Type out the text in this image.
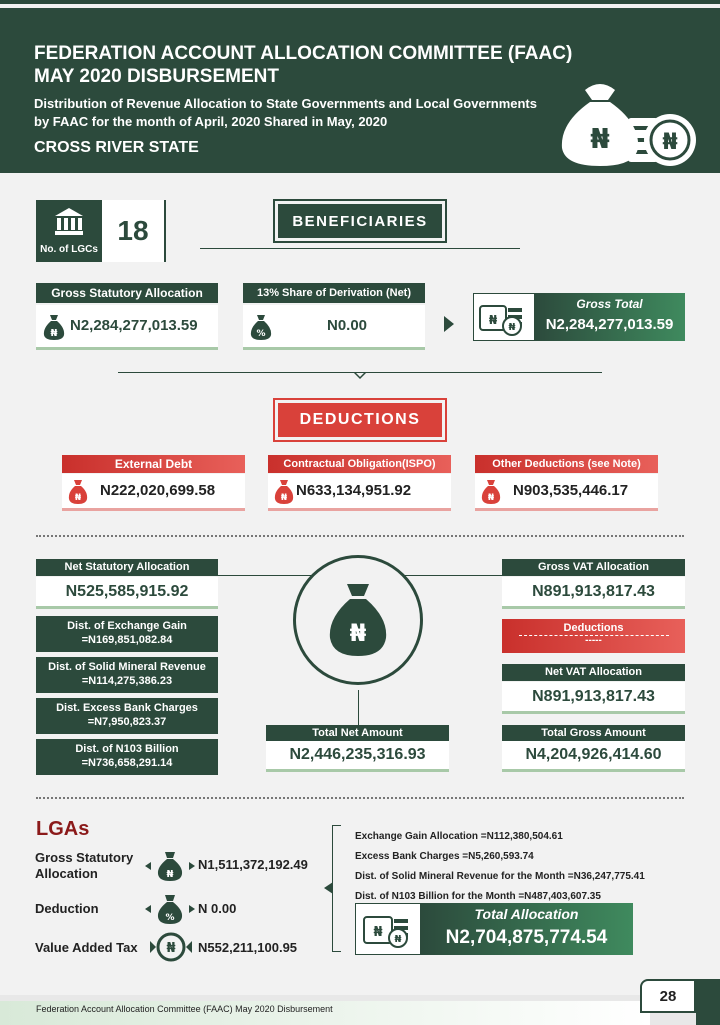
FEDERATION ACCOUNT ALLOCATION COMMITTEE (FAAC)
MAY 2020 DISBURSEMENT
Distribution of Revenue Allocation to State Governments and Local Governments
by FAAC for the month of April, 2020 Shared in May, 2020
CROSS RIVER STATE	₦ ₦
No. of LGCs
18	BENEFICIARIES
Gross Statutory Allocation
₦ N2,284,277,013.59
13% Share of Derivation (Net)
%	N0.00	₦
₦
Gross Total
N2,284,277,013.59
DEDUCTIONS
External Debt
₦ N222,020,699.58
Contractual Obligation(ISPO)
₦ N633,134,951.92
Other Deductions (see Note)
₦ N903,535,446.17
₦
Net Statutory Allocation
N525,585,915.92
Dist. of Exchange Gain
=N169,851,082.84
Dist. of Solid Mineral Revenue
=N114,275,386.23
Dist. Excess Bank Charges
=N7,950,823.37
Dist. of N103 Billion
=N736,658,291.14
Total Net Amount
N2,446,235,316.93
Gross VAT Allocation
N891,913,817.43
Deductions
-----
Net VAT Allocation
N891,913,817.43
Total Gross Amount
N4,204,926,414.60
LGAs
Gross Statutory
Allocation	₦
N1,511,372,192.49
Deduction
%
N 0.00
Value Added Tax ₦ N552,211,100.95
Exchange Gain Allocation =N112,380,504.61
Excess Bank Charges =N5,260,593.74
Dist. of Solid Mineral Revenue for the Month =N36,247,775.41
Dist. of N103 Billion for the Month =N487,403,607.35
₦ ₦
Total Allocation
N2,704,875,774.54
Federation Account Allocation Committee (FAAC) May 2020 Disbursement
28
